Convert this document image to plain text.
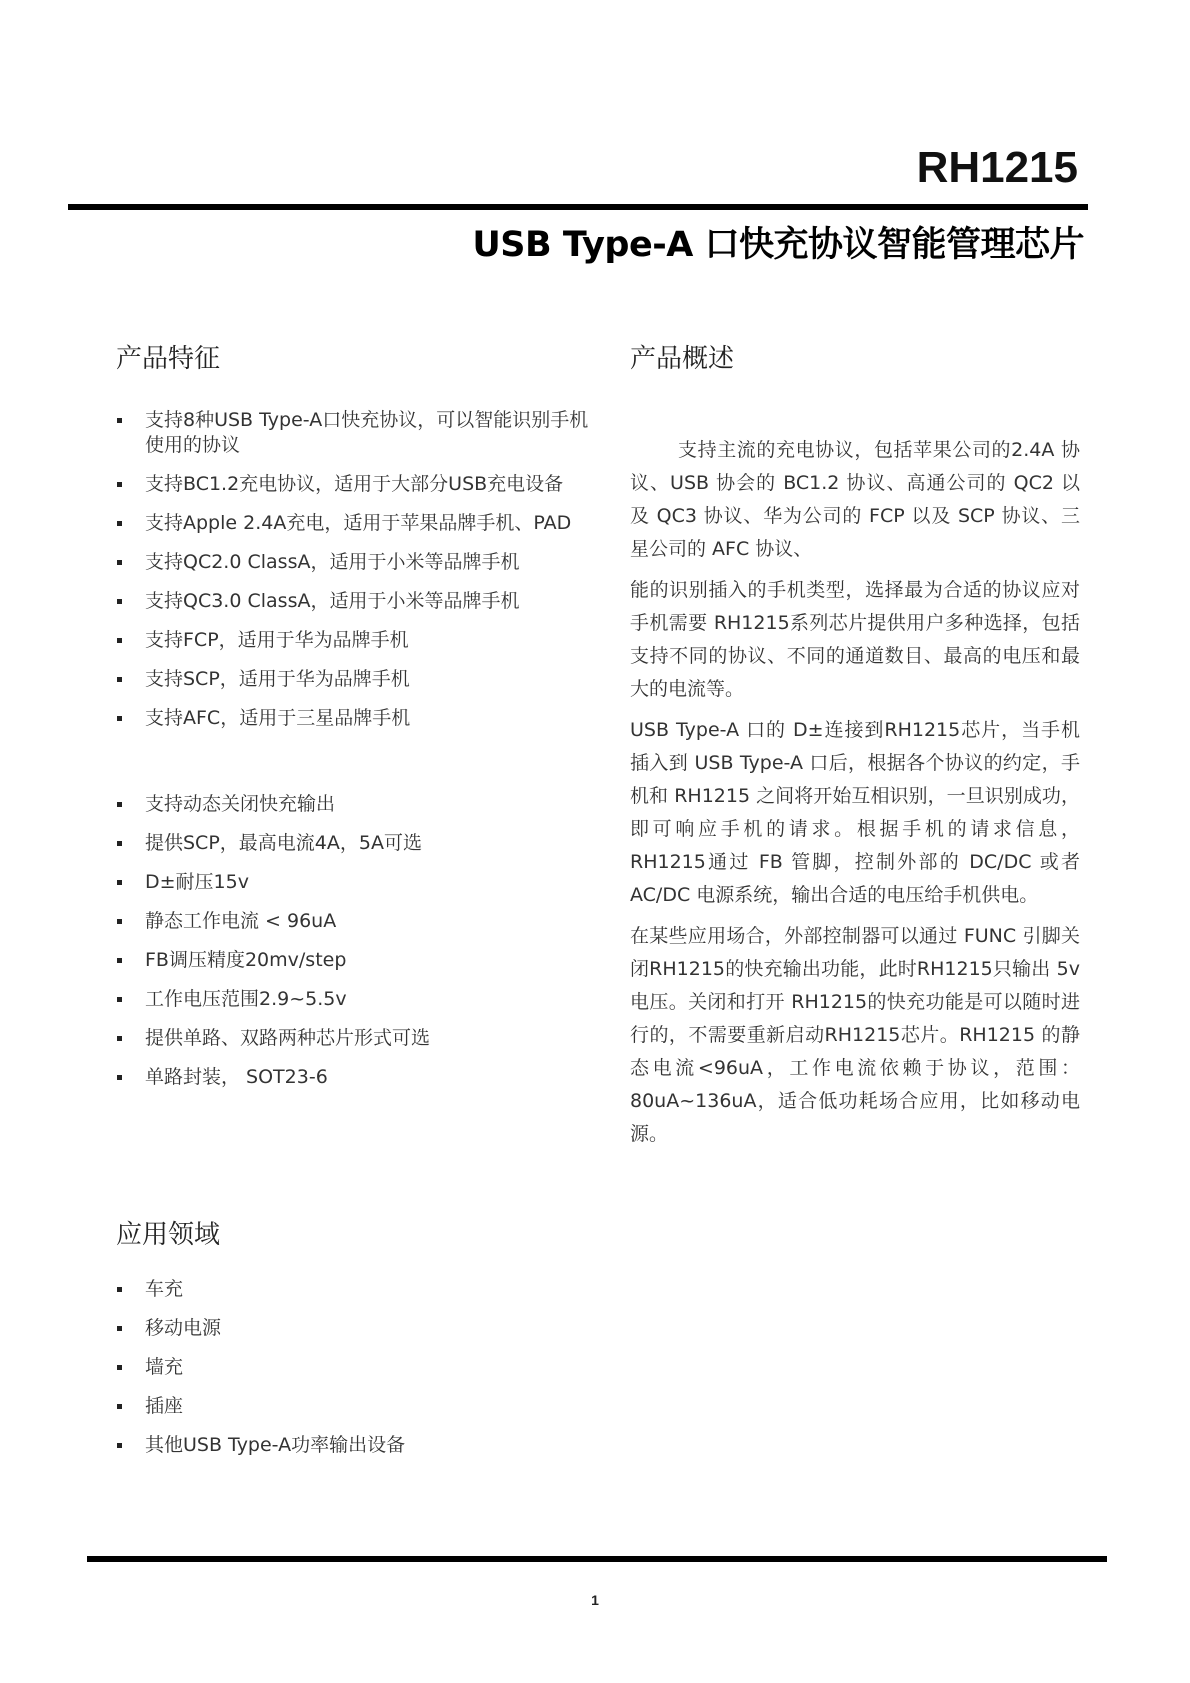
RH1215
USB Type-A 口快充协议智能管理芯片
产品特征
支持8种USB Type-A口快充协议，可以智能识别手机使用的协议
支持BC1.2充电协议，适用于大部分USB充电设备
支持Apple 2.4A充电，适用于苹果品牌手机、PAD
支持QC2.0 ClassA，适用于小米等品牌手机
支持QC3.0 ClassA，适用于小米等品牌手机
支持FCP，适用于华为品牌手机
支持SCP，适用于华为品牌手机
支持AFC，适用于三星品牌手机
支持动态关闭快充输出
提供SCP，最高电流4A，5A可选
D±耐压15v
静态工作电流 < 96uA
FB调压精度20mv/step
工作电压范围2.9~5.5v
提供单路、双路两种芯片形式可选
单路封装， SOT23-6
产品概述

支持主流的充电协议，包括苹果公司的2.4A 协议、USB 协会的 BC1.2 协议、高通公司的 QC2 以及 QC3 协议、华为公司的 FCP 以及 SCP 协议、三星公司的 AFC 协议、

能的识别插入的手机类型，选择最为合适的协议应对手机需要 RH1215系列芯片提供用户多种选择，包括支持不同的协议、不同的通道数目、最高的电压和最大的电流等。

USB Type-A 口的 D±连接到RH1215芯片，当手机插入到 USB Type-A 口后，根据各个协议的约定，手机和 RH1215 之间将开始互相识别，一旦识别成功，即可响应手机的请求。根据手机的请求信息，RH1215通过 FB 管脚，控制外部的 DC/DC 或者 AC/DC 电源系统，输出合适的电压给手机供电。

在某些应用场合，外部控制器可以通过 FUNC 引脚关闭RH1215的快充输出功能，此时RH1215只输出 5v 电压。关闭和打开 RH1215的快充功能是可以随时进行的，不需要重新启动RH1215芯片。RH1215 的静态电流<96uA，工作电流依赖于协议，范围：80uA~136uA，适合低功耗场合应用，比如移动电源。

应用领域
车充
移动电源
墙充
插座
其他USB Type-A功率输出设备
1
